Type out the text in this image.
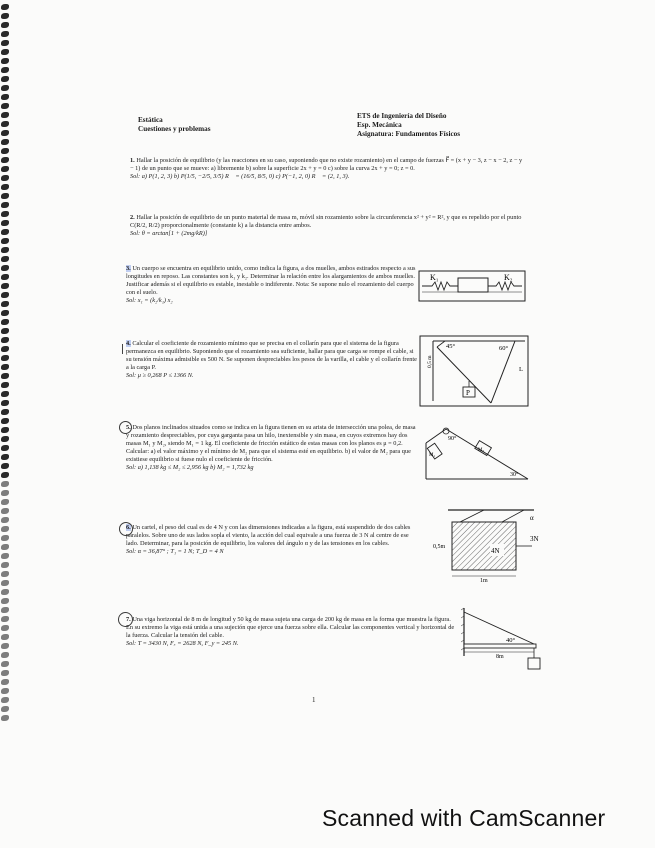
Estática
Cuestiones y problemas
ETS de Ingeniería del Diseño
Esp. Mecánica
Asignatura: Fundamentos Físicos
1. Hallar la posición de equilibrio (y las reacciones en su caso, suponiendo que no existe rozamiento) en el campo de fuerzas F⃗ = (x + y − 3, z − x − 2, z − y − 1) de un punto que se mueve: a) libremente b) sobre la superficie 2x + y = 0 c) sobre la curva 2x + y = 0; z = 0.
Sol: a) P(1, 2, 3) b) P(1/5, −2/5, 3/5) R⃗ = (16/5, 8/5, 0) c) P(−1, 2, 0) R⃗ = (2, 1, 3).
2. Hallar la posición de equilibrio de un punto material de masa m, móvil sin rozamiento sobre la circunferencia x² + y² = R², y que es repelido por el punto C(R/2, R/2) proporcionalmente (constante k) a la distancia entre ambos.
Sol: θ = arctan[1 + (2mg/kR)]
3. Un cuerpo se encuentra en equilibrio unido, como indica la figura, a dos muelles, ambos estirados respecto a sus longitudes en reposo. Las constantes son k₁ y k₂. Determinar la relación entre los alargamientos de ambos muelles. Justificar además si el equilibrio es estable, inestable o indiferente. Nota: Se supone nulo el rozamiento del cuerpo con el suelo.
Sol: x₁ = (k₂/k₁) x₂
K₁	K₂
4. Calcular el coeficiente de rozamiento mínimo que se precisa en el collarín para que el sistema de la figura permanezca en equilibrio. Suponiendo que el rozamiento sea suficiente, hallar para que carga se rompe el cable, si su tensión máxima admisible es 500 N. Se suponen despreciables los pesos de la varilla, el cable y el collarín frente a la carga P.
Sol: μ ≥ 0,268 P ≤ 1366 N.
P
45°	60°
0,5 m
L
5. Dos planos inclinados situados como se indica en la figura tienen en su arista de intersección una polea, de masa y rozamiento despreciables, por cuya garganta pasa un hilo, inextensible y sin masa, en cuyos extremos hay dos masas M₁ y M₂, siendo M₁ = 1 kg. El coeficiente de fricción estático de estas masas con los planos es μ = 0,2. Calcular: a) el valor máximo y el mínimo de M₂ para que el sistema esté en equilibrio. b) el valor de M₂ para que existiese equilibrio si fuese nulo el coeficiente de fricción.
Sol: a) 1,138 kg ≤ M₂ ≤ 2,956 kg b) M₂ = 1,732 kg
90°
30°
M₁
M₂
6. Un cartel, el peso del cual es de 4 N y con las dimensiones indicadas a la figura, está suspendido de dos cables paralelos. Sobre uno de sus lados sopla el viento, la acción del cual equivale a una fuerza de 3 N al centre de ese lado. Determinar, para la posición de equilibrio, los valores del ángulo α y de las tensiones en los cables.
Sol: α = 36,87° ; T₁ = 1 N; T_D = 4 N	4N
3N
0,5m
1m
α
7. Una viga horizontal de 8 m de longitud y 50 kg de masa sujeta una carga de 200 kg de masa en la forma que muestra la figura. En su extremo la viga está unida a una sujeción que ejerce una fuerza sobre ella. Calcular las componentes vertical y horizontal de la fuerza. Calcular la tensión del cable.
Sol: T = 3430 N, Fₓ = 2628 N, F_y = 245 N.	40°
8m
1
Scanned with CamScanner
